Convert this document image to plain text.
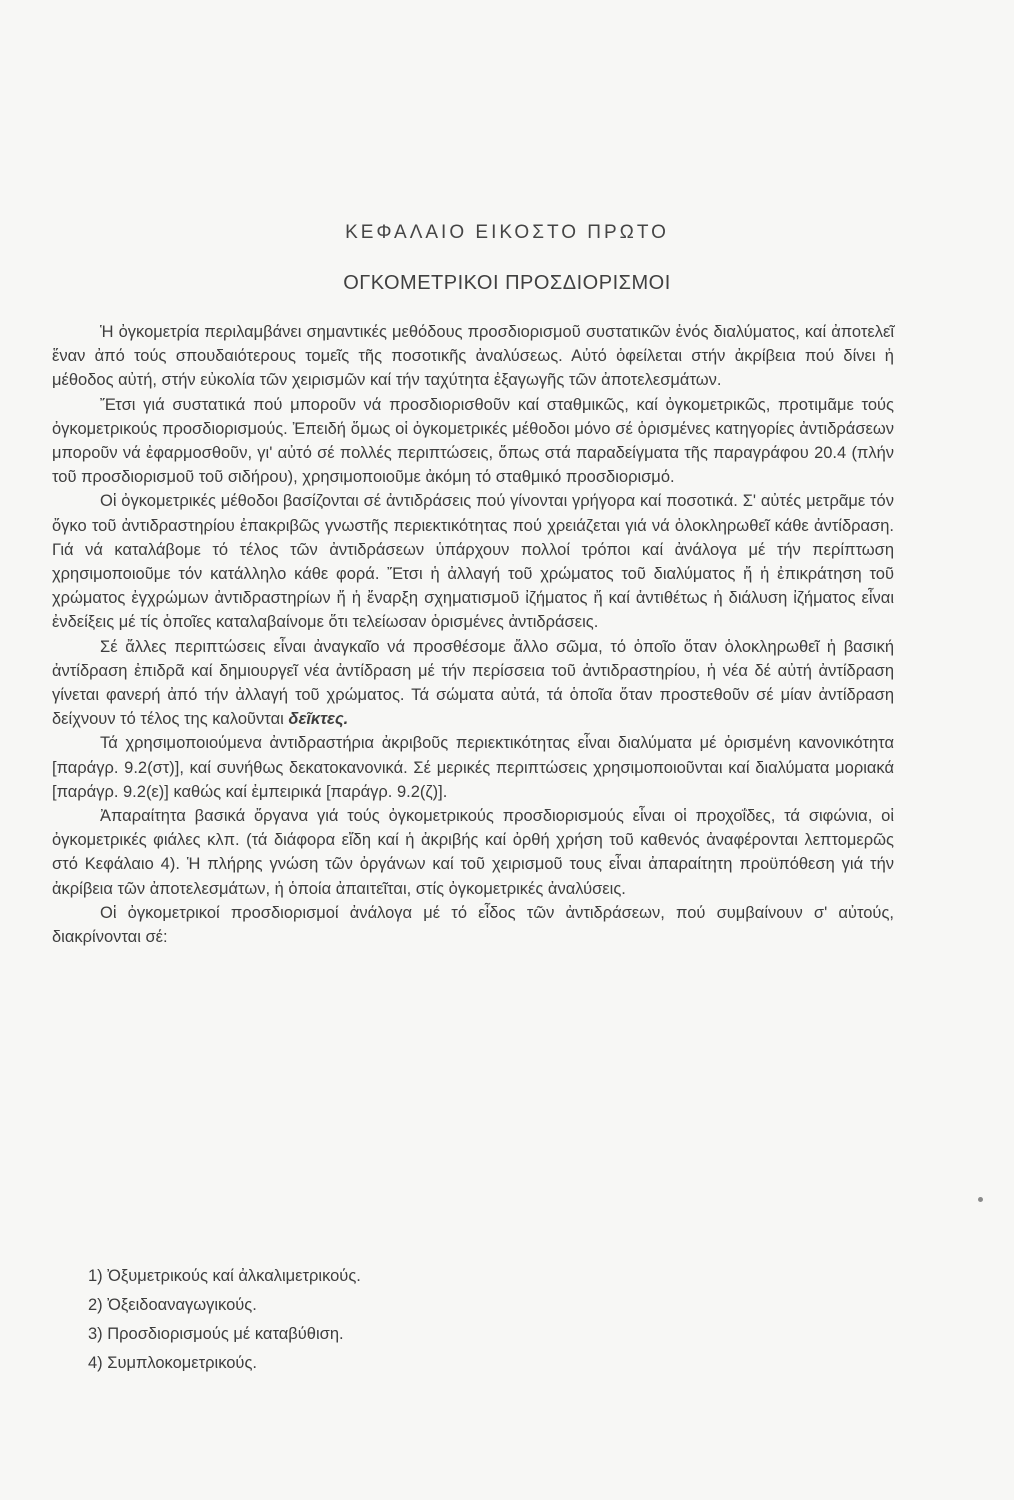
ΚΕΦΑΛΑΙΟ ΕΙΚΟΣΤΟ ΠΡΩΤΟ
ΟΓΚΟΜΕΤΡΙΚΟΙ ΠΡΟΣΔΙΟΡΙΣΜΟΙ

Ἡ ὀγκομετρία περιλαμβάνει σημαντικές μεθόδους προσδιορισμοῦ συστατικῶν ἑνός διαλύματος, καί ἀποτελεῖ ἕναν ἀπό τούς σπουδαιότερους τομεῖς τῆς ποσοτικῆς ἀναλύσεως. Αὐτό ὀφείλεται στήν ἀκρίβεια πού δίνει ἡ μέθοδος αὐτή, στήν εὐκολία τῶν χειρισμῶν καί τήν ταχύτητα ἐξαγωγῆς τῶν ἀποτελεσμάτων.

Ἔτσι γιά συστατικά πού μποροῦν νά προσδιορισθοῦν καί σταθμικῶς, καί ὀγκομετρικῶς, προτιμᾶμε τούς ὀγκομετρικούς προσδιορισμούς. Ἐπειδή ὅμως οἱ ὀγκομετρικές μέθοδοι μόνο σέ ὁρισμένες κατηγορίες ἀντιδράσεων μποροῦν νά ἐφαρμοσθοῦν, γι' αὐτό σέ πολλές περιπτώσεις, ὅπως στά παραδείγματα τῆς παραγράφου 20.4 (πλήν τοῦ προσδιορισμοῦ τοῦ σιδήρου), χρησιμοποιοῦμε ἀκόμη τό σταθμικό προσδιορισμό.

Οἱ ὀγκομετρικές μέθοδοι βασίζονται σέ ἀντιδράσεις πού γίνονται γρήγορα καί ποσοτικά. Σ' αὐτές μετρᾶμε τόν ὄγκο τοῦ ἀντιδραστηρίου ἐπακριβῶς γνωστῆς περιεκτικότητας πού χρειάζεται γιά νά ὁλοκληρωθεῖ κάθε ἀντίδραση. Γιά νά καταλάβομε τό τέλος τῶν ἀντιδράσεων ὑπάρχουν πολλοί τρόποι καί ἀνάλογα μέ τήν περίπτωση χρησιμοποιοῦμε τόν κατάλληλο κάθε φορά. Ἔτσι ἡ ἀλλαγή τοῦ χρώματος τοῦ διαλύματος ἤ ἡ ἐπικράτηση τοῦ χρώματος ἐγχρώμων ἀντιδραστηρίων ἤ ἡ ἔναρξη σχηματισμοῦ ἰζήματος ἤ καί ἀντιθέτως ἡ διάλυση ἰζήματος εἶναι ἐνδείξεις μέ τίς ὁποῖες καταλαβαίνομε ὅτι τελείωσαν ὁρισμένες ἀντιδράσεις.

Σέ ἄλλες περιπτώσεις εἶναι ἀναγκαῖο νά προσθέσομε ἄλλο σῶμα, τό ὁποῖο ὅταν ὁλοκληρωθεῖ ἡ βασική ἀντίδραση ἐπιδρᾶ καί δημιουργεῖ νέα ἀντίδραση μέ τήν περίσσεια τοῦ ἀντιδραστηρίου, ἡ νέα δέ αὐτή ἀντίδραση γίνεται φανερή ἀπό τήν ἀλλαγή τοῦ χρώματος. Τά σώματα αὐτά, τά ὁποῖα ὅταν προστεθοῦν σέ μίαν ἀντίδραση δείχνουν τό τέλος της καλοῦνται δεῖκτες.

Τά χρησιμοποιούμενα ἀντιδραστήρια ἀκριβοῦς περιεκτικότητας εἶναι διαλύματα μέ ὁρισμένη κανονικότητα [παράγρ. 9.2(στ)], καί συνήθως δεκατοκανονικά. Σέ μερικές περιπτώσεις χρησιμοποιοῦνται καί διαλύματα μοριακά [παράγρ. 9.2(ε)] καθώς καί ἐμπειρικά [παράγρ. 9.2(ζ)].

Ἀπαραίτητα βασικά ὄργανα γιά τούς ὀγκομετρικούς προσδιορισμούς εἶναι οἱ προχοΐδες, τά σιφώνια, οἱ ὀγκομετρικές φιάλες κλπ. (τά διάφορα εἴδη καί ἡ ἀκριβής καί ὀρθή χρήση τοῦ καθενός ἀναφέρονται λεπτομερῶς στό Κεφάλαιο 4). Ἡ πλήρης γνώση τῶν ὀργάνων καί τοῦ χειρισμοῦ τους εἶναι ἀπαραίτητη προϋπόθεση γιά τήν ἀκρίβεια τῶν ἀποτελεσμάτων, ἡ ὁποία ἀπαιτεῖται, στίς ὀγκομετρικές ἀναλύσεις.

Οἱ ὀγκομετρικοί προσδιορισμοί ἀνάλογα μέ τό εἶδος τῶν ἀντιδράσεων, πού συμβαίνουν σ' αὐτούς, διακρίνονται σέ:

1) Ὀξυμετρικούς καί ἀλκαλιμετρικούς.
2) Ὀξειδοαναγωγικούς.
3) Προσδιορισμούς μέ καταβύθιση.
4) Συμπλοκομετρικούς.
